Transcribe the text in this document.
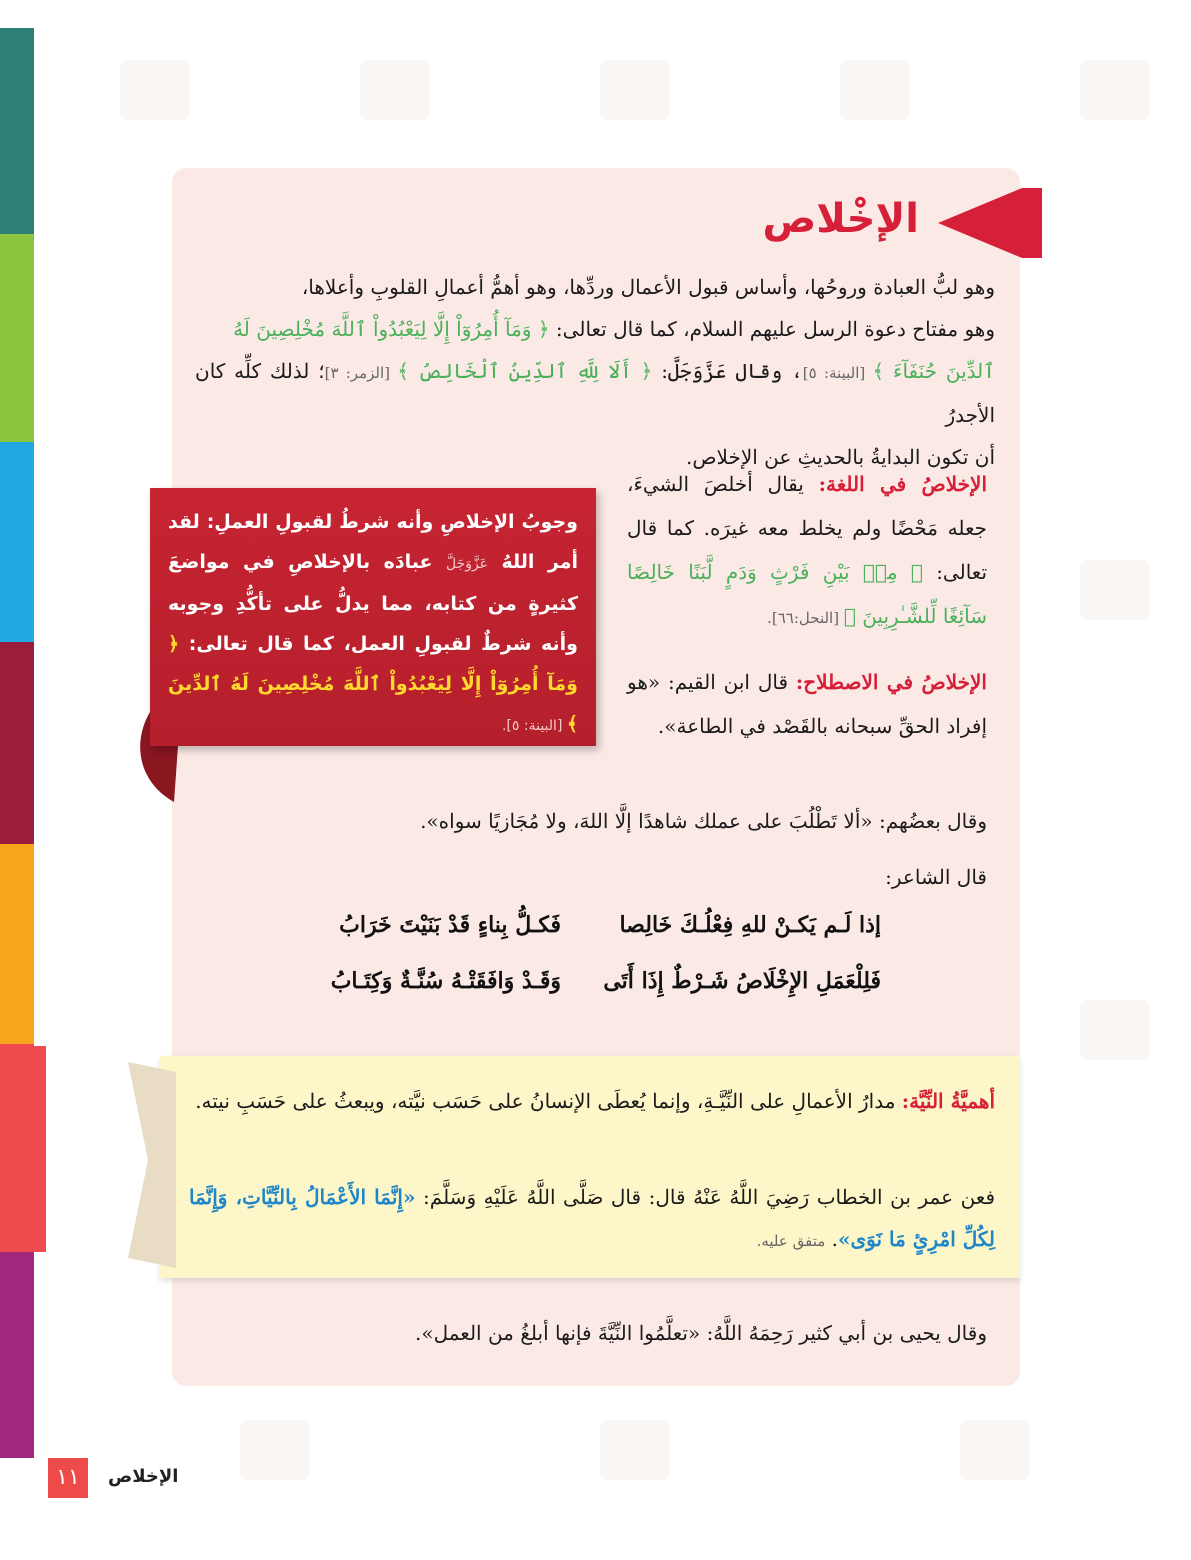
الإخْلاص
وهو لبُّ العبادة وروحُها، وأساس قبول الأعمال وردِّها، وهو أهمُّ أعمالِ القلوبِ وأعلاها،
وهو مفتاح دعوة الرسل عليهم السلام، كما قال تعالى: ﴿ وَمَآ أُمِرُوٓاْ إِلَّا لِيَعْبُدُواْ ٱللَّهَ مُخْلِصِينَ لَهُ
ٱلدِّينَ حُنَفَآءَ ﴾ [البينة: ٥]، وقال عَزَّوَجَلَّ: ﴿ أَلَا لِلَّهِ ٱلدِّينُ ٱلْخَالِصُ ﴾ [الزمر: ٣]؛ لذلك كلِّه كان الأجدرُ
أن تكون البدايةُ بالحديثِ عن الإخلاص.
الإخلاصُ في اللغة: يقال أخلصَ الشيءَ، جعله مَحْضًا ولم يخلط معه غيرَه. كما قال تعالى: ﴿ مِنۢ بَيْنِ فَرْثٍ وَدَمٍ لَّبَنًا خَالِصًا سَآئِغًا لِّلشَّـٰرِبِينَ ﴾ [النحل:٦٦].
الإخلاصُ في الاصطلاح: قال ابن القيم: «هو إفراد الحقِّ سبحانه بالقَصْد في الطاعة».
وجوبُ الإخلاصِ وأنه شرطُ لقبولِ العملِ: لقد أمر اللهُ عَزَّوَجَلَّ عبادَه بالإخلاصِ في مواضعَ كثيرةٍ من كتابه، مما يدلُّ على تأكُّدِ وجوبه وأنه شرطٌ لقبولِ العمل، كما قال تعالى: ﴿ وَمَآ أُمِرُوٓاْ إِلَّا لِيَعْبُدُواْ ٱللَّهَ مُخْلِصِينَ لَهُ ٱلدِّينَ ﴾ [البينة: ٥].
وقال بعضُهم: «ألا تَطْلُبَ على عملك شاهدًا إلَّا اللهَ، ولا مُجَازيًا سواه».
قال الشاعر:
إذا لَـم يَكـنْ للهِ فِعْلُـكَ خَالِصا
فَكـلُّ بِناءٍ قَدْ بَنَيْتَ خَرَابُ
فَلِلْعَمَلِ الإِخْلَاصُ شَـرْطٌ إِذَا أَتَى
وَقَـدْ وَافَقَتْـهُ سُنَّـةٌ وَكِتَـابُ
أهميَّةُ النِّيَّة: مدارُ الأعمالِ على النِّيَّـةِ، وإنما يُعطَى الإنسانُ على حَسَب نيَّته، ويبعثُ على حَسَبِ نيته.
فعن عمر بن الخطاب رَضِيَ اللَّهُ عَنْهُ قال: قال صَلَّى اللَّهُ عَلَيْهِ وَسَلَّمَ: «إِنَّمَا الأَعْمَالُ بِالنِّيَّاتِ، وَإِنَّمَا لِكُلِّ امْرِئٍ مَا نَوَى». متفق عليه.
وقال يحيى بن أبي كثير رَحِمَهُ اللَّهُ: «تعلَّمُوا النِّيَّةَ فإنها أبلغُ من العمل».
١١	الإخلاص
